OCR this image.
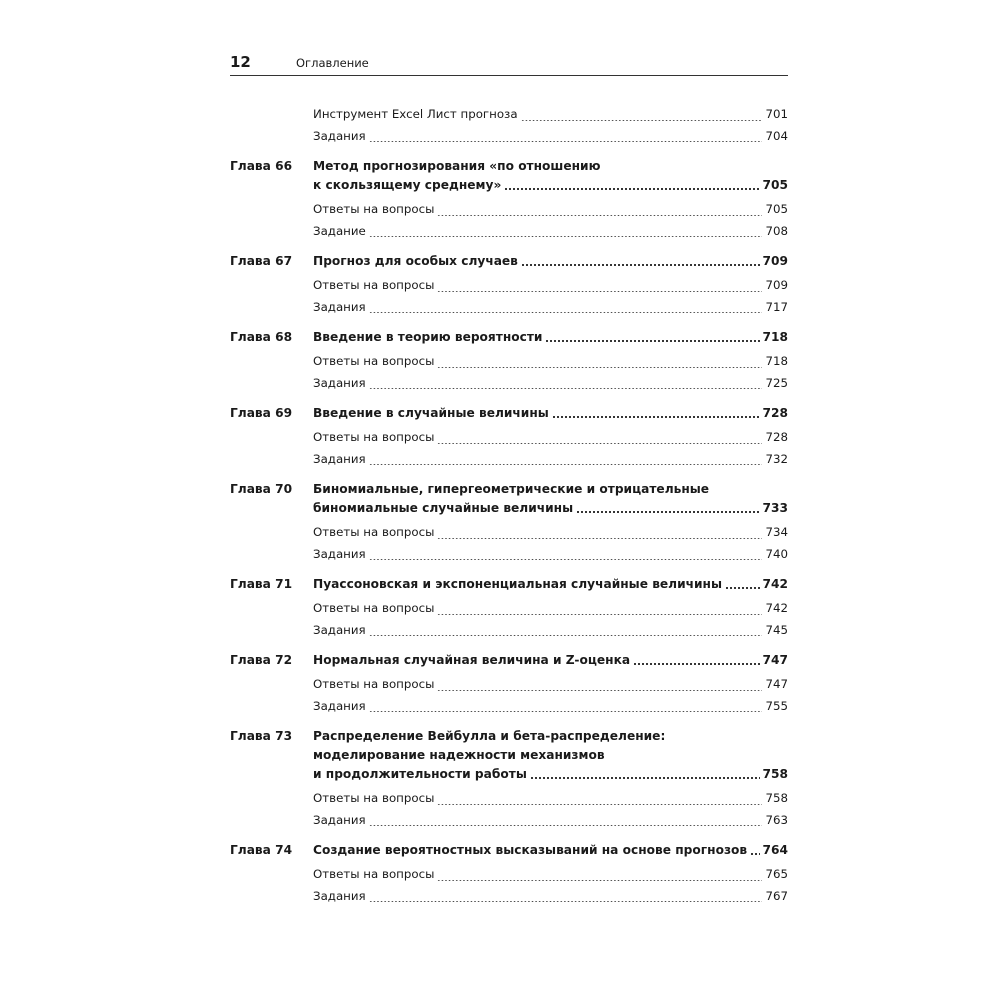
12	Оглавление
Инструмент Excel Лист прогноза	701
Задания	704
Глава 66	Метод прогнозирования «по отношению
к скользящему среднему»	705
Ответы на вопросы	705
Задание	708
Глава 67	Прогноз для особых случаев	709
Ответы на вопросы	709
Задания	717
Глава 68	Введение в теорию вероятности	718
Ответы на вопросы	718
Задания	725
Глава 69	Введение в случайные величины	728
Ответы на вопросы	728
Задания	732
Глава 70	Биномиальные, гипергеометрические и отрицательные
биномиальные случайные величины	733
Ответы на вопросы	734
Задания	740
Глава 71	Пуассоновская и экспоненциальная случайные величины	742
Ответы на вопросы	742
Задания	745
Глава 72	Нормальная случайная величина и Z-оценка	747
Ответы на вопросы	747
Задания	755
Глава 73	Распределение Вейбулла и бета-распределение:
моделирование надежности механизмов
и продолжительности работы	758
Ответы на вопросы	758
Задания	763
Глава 74	Создание вероятностных высказываний на основе прогнозов 764
Ответы на вопросы	765
Задания	767
